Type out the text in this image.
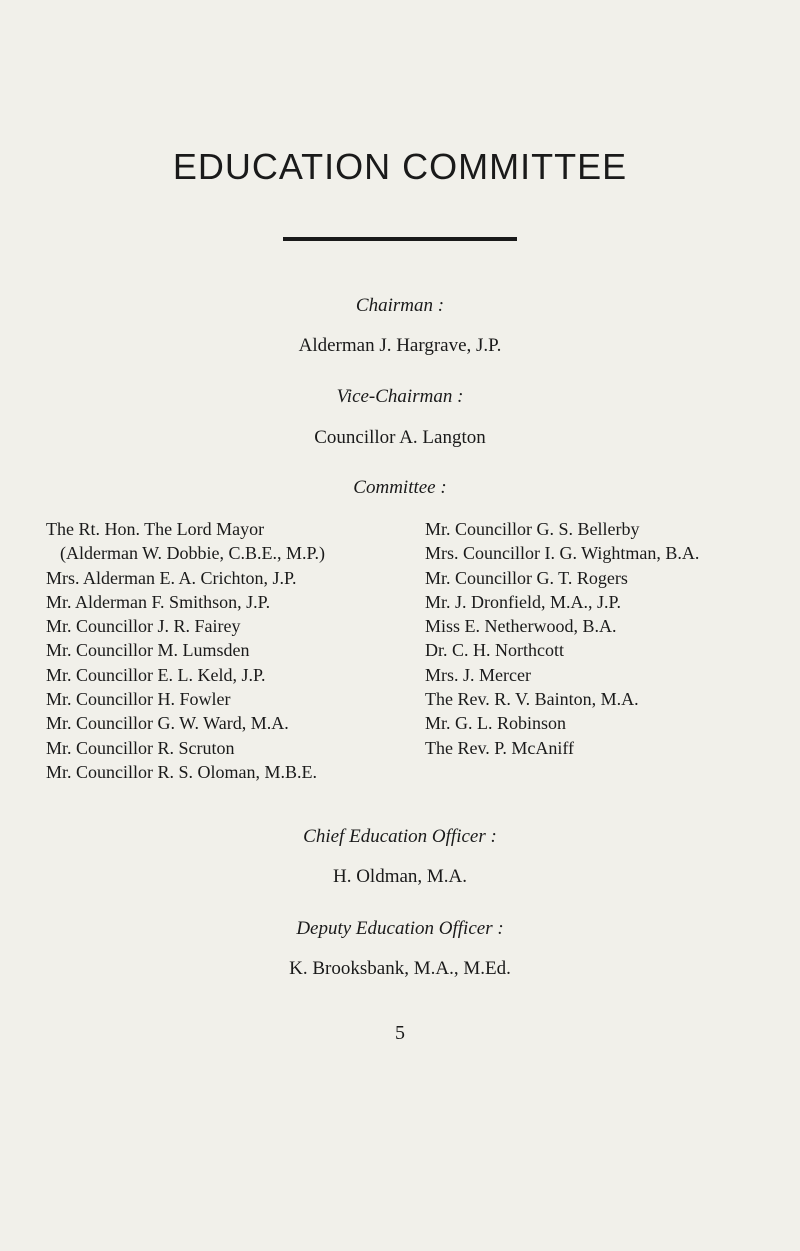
EDUCATION COMMITTEE
Chairman :
Alderman J. Hargrave, J.P.
Vice-Chairman :
Councillor A. Langton
Committee :
The Rt. Hon. The Lord Mayor
(Alderman W. Dobbie, C.B.E., M.P.)
Mrs. Alderman E. A. Crichton, J.P.
Mr. Alderman F. Smithson, J.P.
Mr. Councillor J. R. Fairey
Mr. Councillor M. Lumsden
Mr. Councillor E. L. Keld, J.P.
Mr. Councillor H. Fowler
Mr. Councillor G. W. Ward, M.A.
Mr. Councillor R. Scruton
Mr. Councillor R. S. Oloman, M.B.E.
Mr. Councillor G. S. Bellerby
Mrs. Councillor I. G. Wightman, B.A.
Mr. Councillor G. T. Rogers
Mr. J. Dronfield, M.A., J.P.
Miss E. Netherwood, B.A.
Dr. C. H. Northcott
Mrs. J. Mercer
The Rev. R. V. Bainton, M.A.
Mr. G. L. Robinson
The Rev. P. McAniff
Chief Education Officer :
H. Oldman, M.A.
Deputy Education Officer :
K. Brooksbank, M.A., M.Ed.
5
